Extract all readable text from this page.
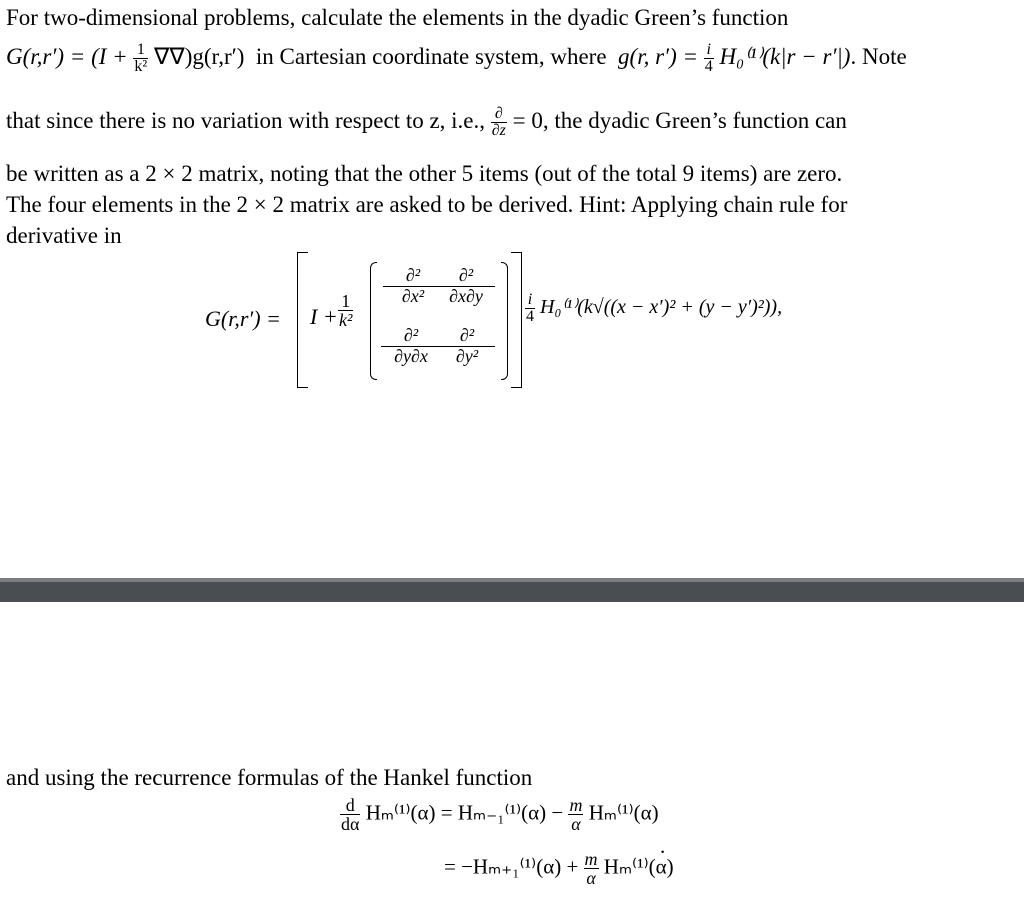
For two-dimensional problems, calculate the elements in the dyadic Green’s function
$G(r,r') = (I + \frac{1}{\text{k²}} \nabla\nabla)g(r,r')$ in Cartesian coordinate system, where g(r, $r') = \frac{i}{4} H_0^{(1)}(k|r - r'|)$. Note
that since there is no variation with respect to z, i.e., $\frac{\partial}{\partial z} = 0$, the dyadic Green’s function can
be written as a 2 × 2 matrix, noting that the other 5 items (out of the total 9 items) are zero.
The four elements in the 2 × 2 matrix are asked to be derived. Hint: Applying chain rule for
derivative in
$G(r,r') = I + \frac{1}{\text{k²}}$
∂²
∂x²
∂²
∂x∂y
∂²
∂y∂x
∂²
∂y²
$\frac{i}{4} H_0^{(1)}(k√((x - x')^2 + (y - y')^2))$,
and using the recurrence formulas of the Hankel function
$\frac{d}{d\alpha} H_m^{(1)}(\alpha) = H_{m-1}^{(1)}(\alpha) - \frac{m}{\alpha} H_m^{(1)}(\alpha)$
.
= $-H_{m+1}^{(1)}(\alpha) + \frac{m}{\alpha} H_m^{(1)}(\alpha)$
